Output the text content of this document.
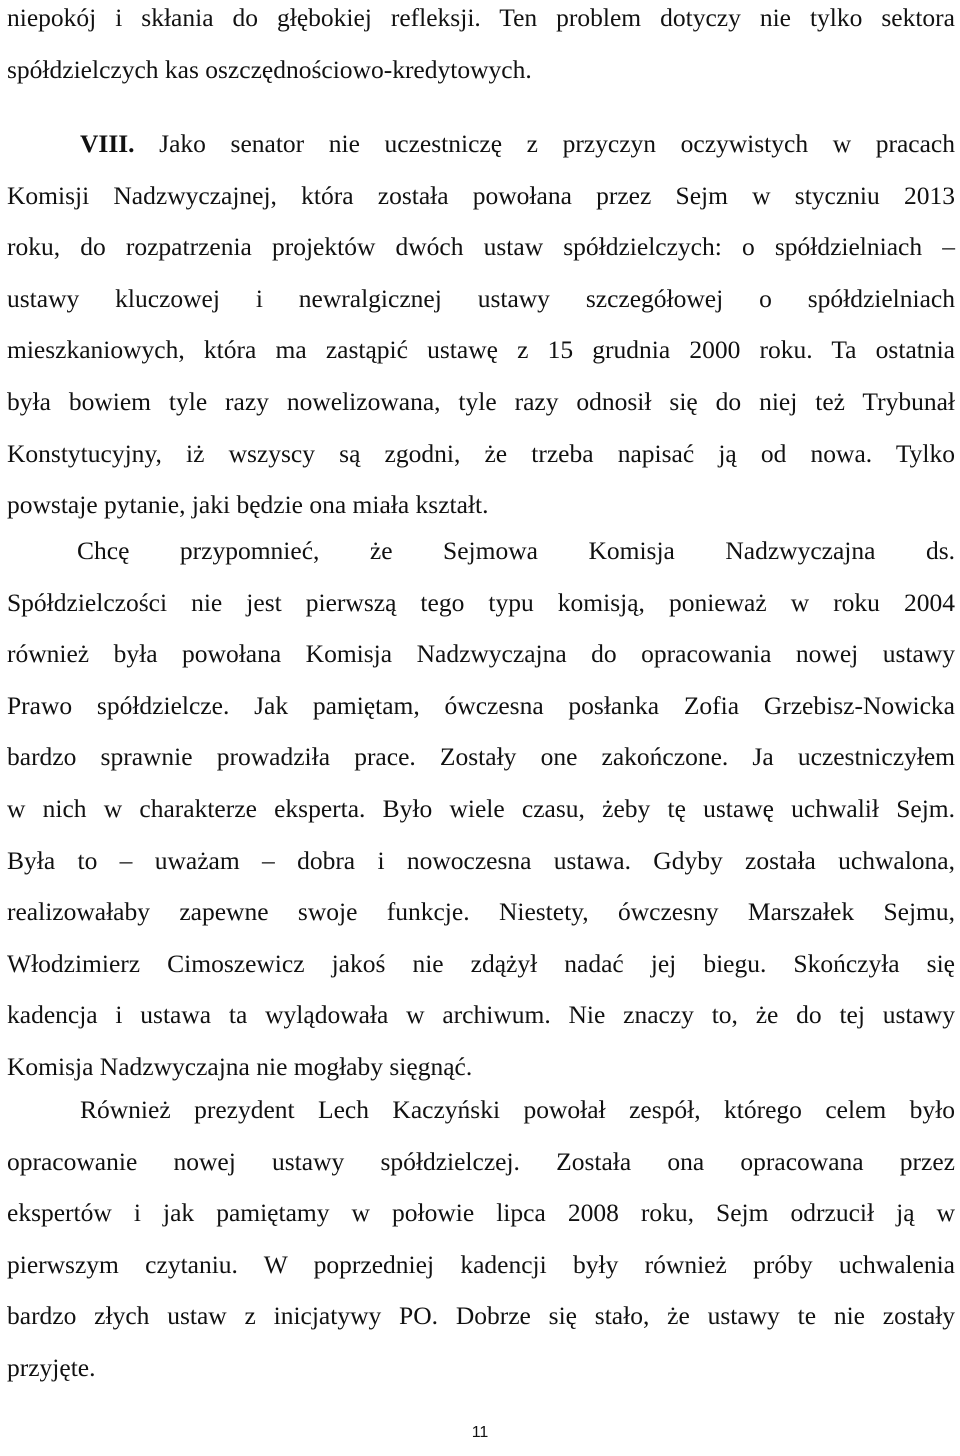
niepokój i skłania do głębokiej refleksji. Ten problem dotyczy nie tylko sektora
spółdzielczych kas oszczędnościowo-kredytowych.
VIII. Jako senator nie uczestniczę z przyczyn oczywistych w pracach
Komisji Nadzwyczajnej, która została powołana przez Sejm w styczniu 2013
roku, do rozpatrzenia projektów dwóch ustaw spółdzielczych: o spółdzielniach –
ustawy kluczowej i newralgicznej ustawy szczegółowej o spółdzielniach
mieszkaniowych, która ma zastąpić ustawę z 15 grudnia 2000 roku. Ta ostatnia
była bowiem tyle razy nowelizowana, tyle razy odnosił się do niej też Trybunał
Konstytucyjny, iż wszyscy są zgodni, że trzeba napisać ją od nowa. Tylko
powstaje pytanie, jaki będzie ona miała kształt.
Chcę przypomnieć, że Sejmowa Komisja Nadzwyczajna ds.
Spółdzielczości nie jest pierwszą tego typu komisją, ponieważ w roku 2004
również była powołana Komisja Nadzwyczajna do opracowania nowej ustawy
Prawo spółdzielcze. Jak pamiętam, ówczesna posłanka Zofia Grzebisz-Nowicka
bardzo sprawnie prowadziła prace. Zostały one zakończone. Ja uczestniczyłem
w nich w charakterze eksperta. Było wiele czasu, żeby tę ustawę uchwalił Sejm.
Była to – uważam – dobra i nowoczesna ustawa. Gdyby została uchwalona,
realizowałaby zapewne swoje funkcje. Niestety, ówczesny Marszałek Sejmu,
Włodzimierz Cimoszewicz jakoś nie zdążył nadać jej biegu. Skończyła się
kadencja i ustawa ta wylądowała w archiwum. Nie znaczy to, że do tej ustawy
Komisja Nadzwyczajna nie mogłaby sięgnąć.
Również prezydent Lech Kaczyński powołał zespół, którego celem było
opracowanie nowej ustawy spółdzielczej. Została ona opracowana przez
ekspertów i jak pamiętamy w połowie lipca 2008 roku, Sejm odrzucił ją w
pierwszym czytaniu. W poprzedniej kadencji były również próby uchwalenia
bardzo złych ustaw z inicjatywy PO. Dobrze się stało, że ustawy te nie zostały
przyjęte.
11
